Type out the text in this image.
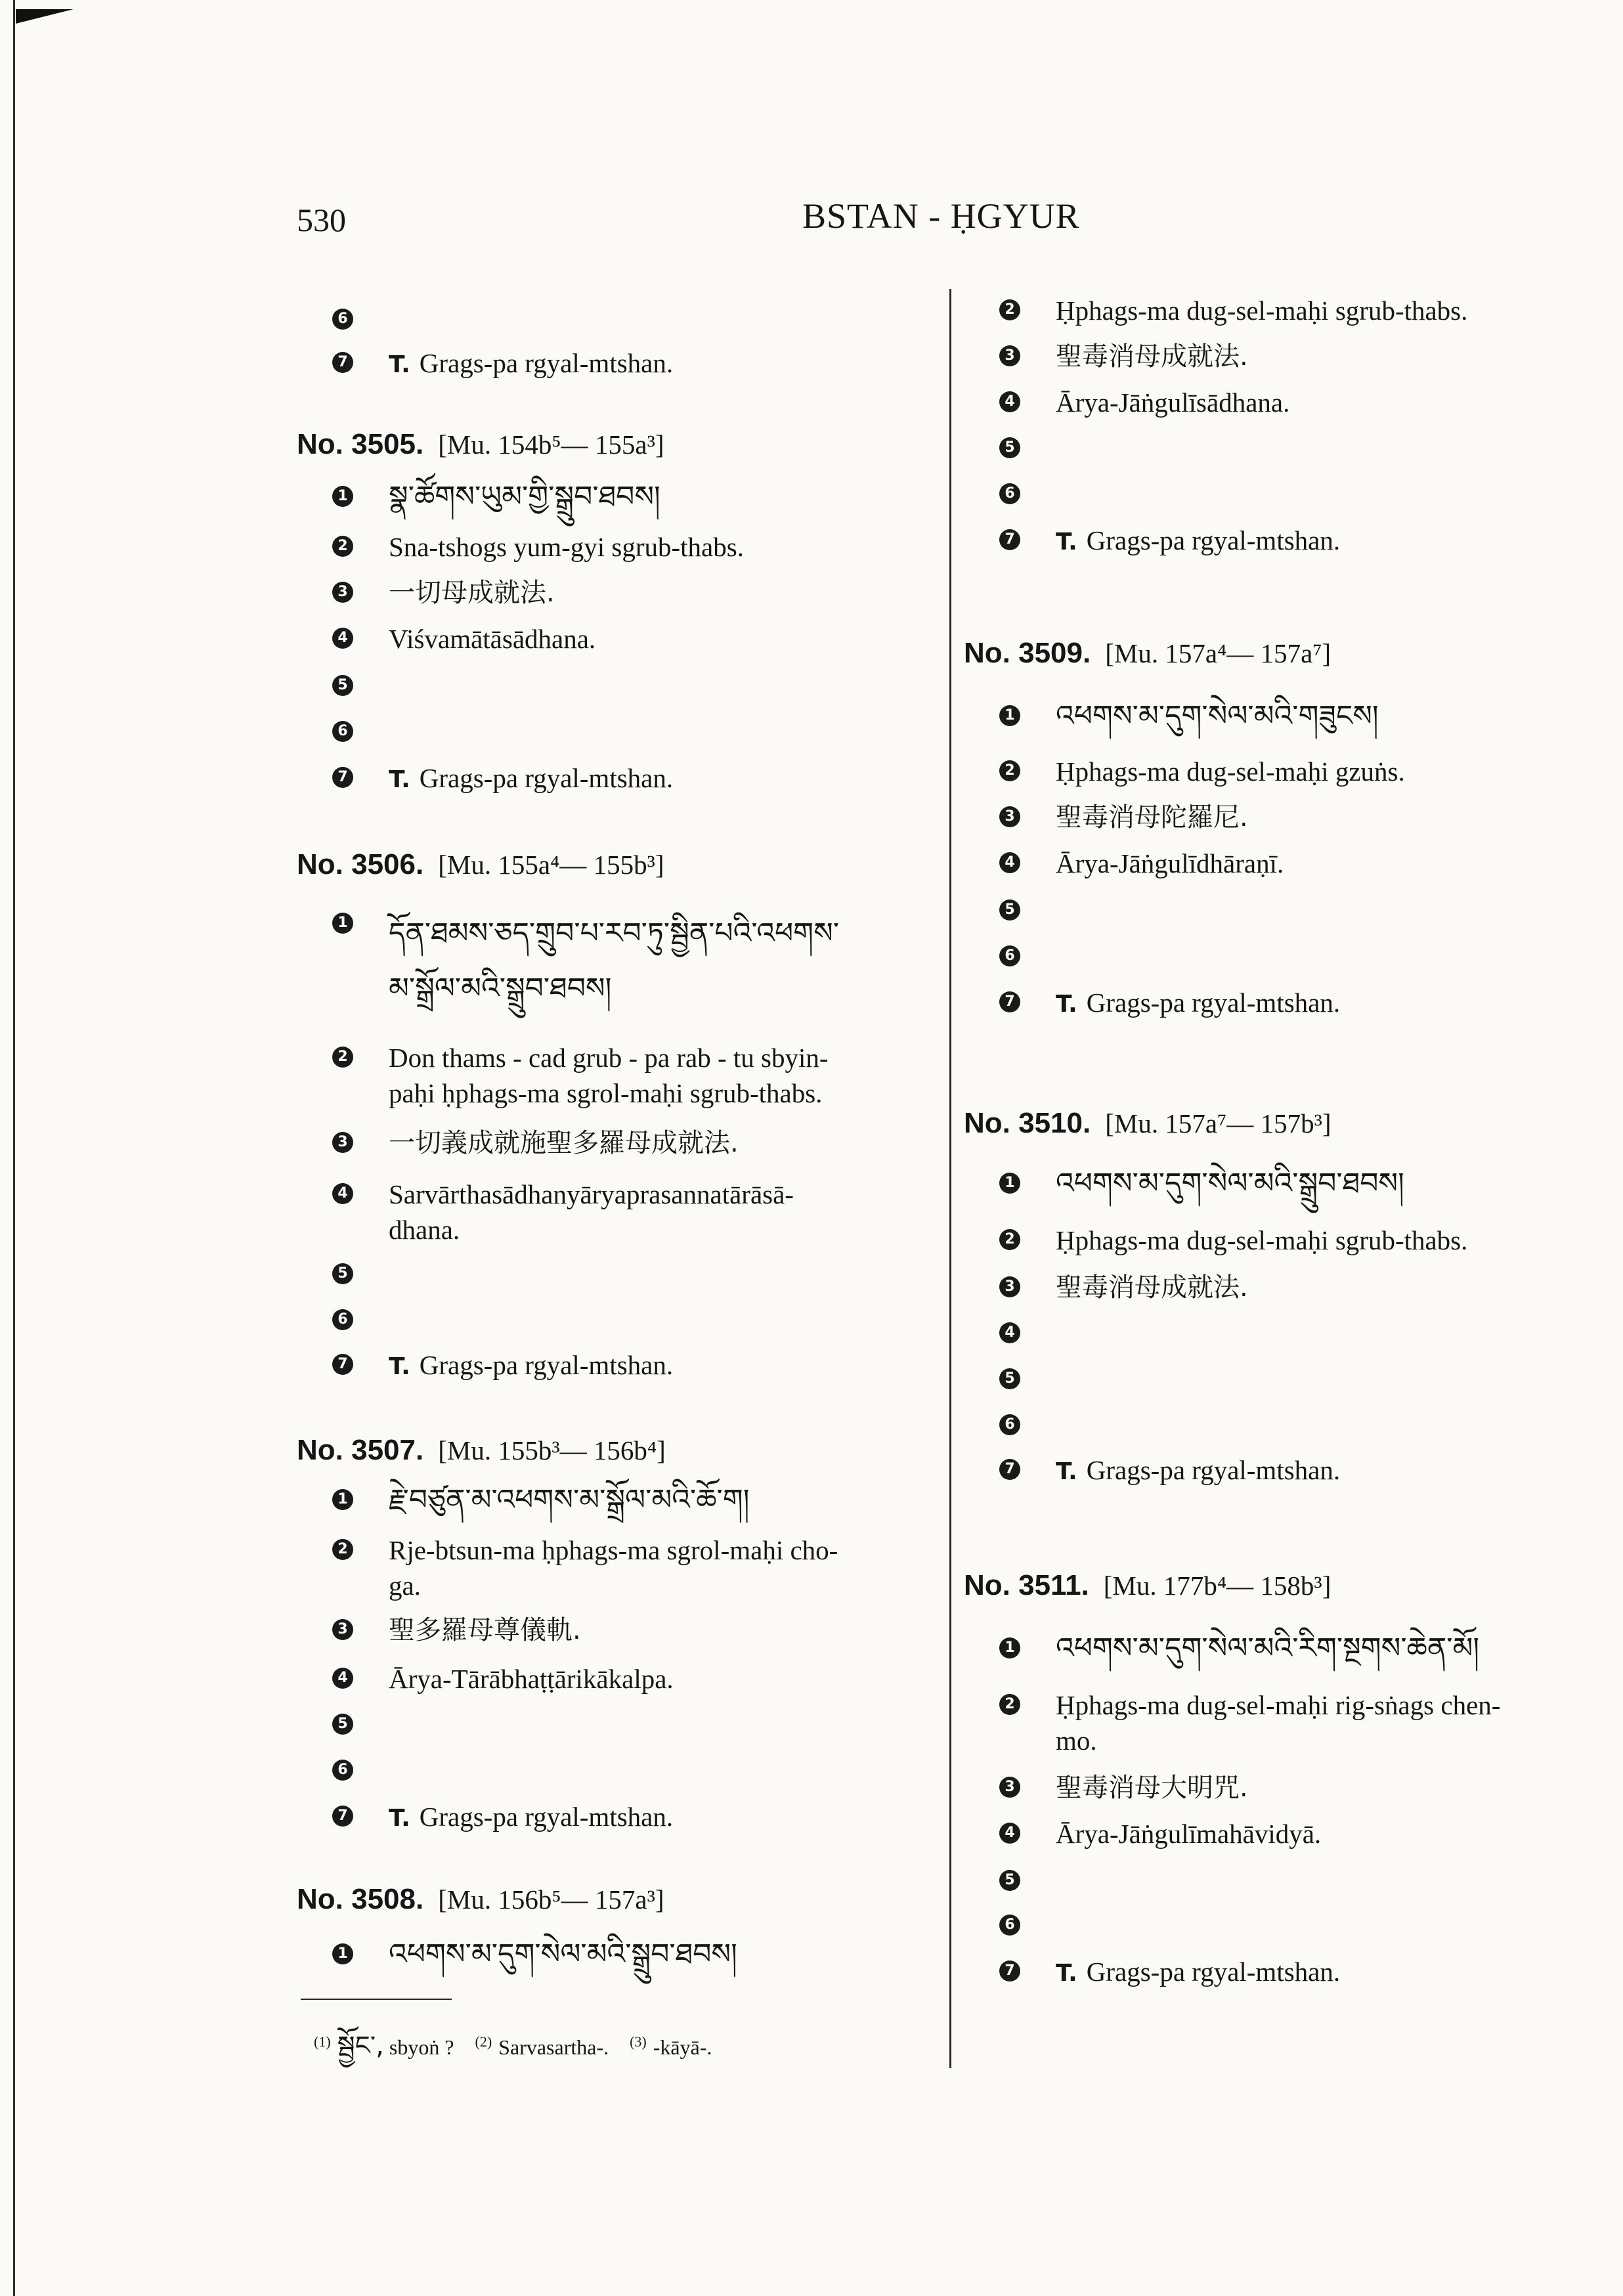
530	BSTAN - ḤGYUR
6
7 T. Grags-pa rgyal-mtshan.
No. 3505. [Mu. 154b⁵— 155a³]
1 སྣ་ཚོགས་ཡུམ་གྱི་སྒྲུབ་ཐབས།
2 Sna-tshogs yum-gyi sgrub-thabs.
3 一切母成就法.
4 Viśvamātāsādhana.
5
6
7 T. Grags-pa rgyal-mtshan.
No. 3506. [Mu. 155a⁴— 155b³]
1 དོན་ཐམས་ཅད་གྲུབ་པ་རབ་ཏུ་སྦྱིན་པའི་འཕགས་
མ་སྒྲོལ་མའི་སྒྲུབ་ཐབས།
2 Don thams - cad grub - pa rab - tu sbyin-
paḥi ḥphags-ma sgrol-maḥi sgrub-thabs.
3 一切義成就施聖多羅母成就法.
4 Sarvārthasādhanyāryaprasannatārāsā-
dhana.
5
6
7 T. Grags-pa rgyal-mtshan.
No. 3507. [Mu. 155b³— 156b⁴]
1 རྗེ་བཙུན་མ་འཕགས་མ་སྒྲོལ་མའི་ཆོ་ག།
2 Rje-btsun-ma ḥphags-ma sgrol-maḥi cho-
ga.
3 聖多羅母尊儀軌.
4 Ārya-Tārābhaṭṭārikākalpa.
5
6
7 T. Grags-pa rgyal-mtshan.
No. 3508. [Mu. 156b⁵— 157a³]
1 འཕགས་མ་དུག་སེལ་མའི་སྒྲུབ་ཐབས།
2 Ḥphags-ma dug-sel-maḥi sgrub-thabs.
3 聖毒消母成就法.
4 Ārya-Jāṅgulīsādhana.
5
6
7 T. Grags-pa rgyal-mtshan.
No. 3509. [Mu. 157a⁴— 157a⁷]
1 འཕགས་མ་དུག་སེལ་མའི་གཟུངས།
2 Ḥphags-ma dug-sel-maḥi gzuṅs.
3 聖毒消母陀羅尼.
4 Ārya-Jāṅgulīdhāraṇī.
5
6
7 T. Grags-pa rgyal-mtshan.
No. 3510. [Mu. 157a⁷— 157b³]
1 འཕགས་མ་དུག་སེལ་མའི་སྒྲུབ་ཐབས།
2 Ḥphags-ma dug-sel-maḥi sgrub-thabs.
3 聖毒消母成就法.
4
5
6
7 T. Grags-pa rgyal-mtshan.
No. 3511. [Mu. 177b⁴— 158b³]
1 འཕགས་མ་དུག་སེལ་མའི་རིག་སྔགས་ཆེན་མོ།
2 Ḥphags-ma dug-sel-maḥi rig-sṅags chen-
mo.
3 聖毒消母大明咒.
4 Ārya-Jāṅgulīmahāvidyā.
5
6
7 T. Grags-pa rgyal-mtshan.
$^{(1)}$ སྦྱོང་, sbyoṅ ? $^{(2)}$ Sarvasartha-. $^{(3)}$ -kāyā-.
